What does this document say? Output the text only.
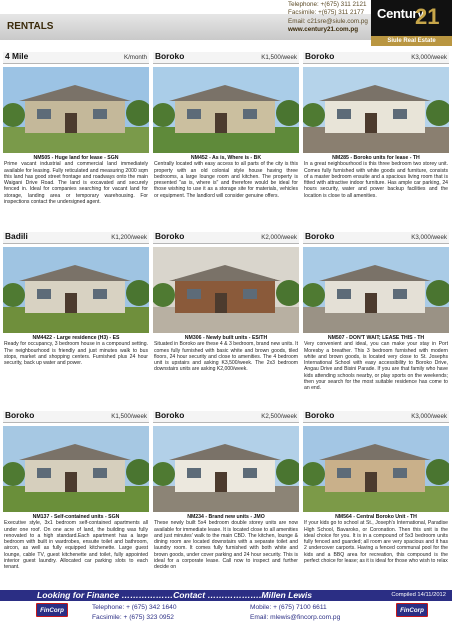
RENTALS
Telephone: +(675) 311 2121
Facsimile: +(675) 311 2177
Email: c21sre@siule.com.pg
www.century21.com.pg
Century
21
Siule Real Estate
4 Mile	K/month
NM505 - Huge land for lease - SGN
Prime vacant industrial and commercial land immediately available for leasing. Fully reticulated and measuring 2000 sqm this land has good street frontage and roadways onto the main Waigani Drive Road. The land is excavated and securely fenced in. Ideal for companies searching for vacant land for storage, landing area or temporary warehousing. For inspections contact the undersigned agent.
Boroko	K1,500/week
NM452 - As is, Where is - BK
Centrally located with easy access to all parts of the city is this property with an old colonial style house having three bedrooms, a large lounge room and kitchen. The property is presented "as is, where is" and therefore would be ideal for those wishing to use it as a storage site for materials, vehicles or equipment. The landlord will consider genuine offers.
Boroko	K3,000/week
NM285 - Boroko units for lease - TH
In a great neighbourhood is this three bedroom two storey unit. Comes fully furnished with white goods and furniture, consists of a master bedroom ensuite and a spacious living room that is fitted with attractive indoor furniture. Has ample car parking, 24 hours security, water and power backup facilities and the location is close to all amenities.
Badili	K1,200/week
NM4422 - Large residence (H3) - ES
Ready for occupancy, 3 bedroom house in a compound setting. The neighbourhood is friendly and just minutes walk to bus stops, market and shopping centers. Furnished plus 24 hour security, back up water and power.
Boroko	K2,000/week
NM306 - Newly built units - ES/TH
Situated in Boroko are these 4 & 3 bedroom, brand new units. It comes fully furnished with basic white and brown goods, tiled floors, 24 hour security and close to amenities. The 4 bedroom unit is upstairs and asking K3,500/week. The 2x3 bedroom downstairs units are asking K2,000/week.
Boroko	K3,000/week
NM507 - DON'T WAIT; LEASE THIS - TH
Very convenient and ideal, you can make your stay in Port Moresby a breather. This 3 bedroom furnished with modern white and brown goods, is located very close to St. Josephs International School with easy accessibility to Boroko Drive, Angau Drive and Bisini Parade. If you are that family who have kids attending schools nearby, or play sports on the weekends; then your search for the most suitable residence has come to an end.
Boroko	K1,500/week
NM137 - Self-contained units - SGN
Executive style, 3x1 bedroom self-contained apartments all under one roof. On one acre of land, the building was fully renovated to a high standard.Each apartment has a large bedroom with built in wardrobes, ensuite toilet and bathroom, aircon, as well as fully equipped kitchenette. Large guest lounge, cable TV, guest kitchenette and toilet, fully appointed interior guest laundry. Allocated car parking slots to each tenant.
Boroko	K2,500/week
NM234 - Brand new units - JMO
These newly built 5x4 bedroom double storey units are now available for immediate lease. It is located close to all amenities and just minutes' walk to the main CBD. The kitchen, lounge & dining room are located downstairs with a separate toilet and laundry room. It comes fully furnished with both white and brown goods, under cover parking and 24 hour security. This is ideal for a corporate lease. Call now to inspect and further decide on
Boroko	K3,000/week
NM564 - Central Boroko Unit - TH
If your kids go to school at St., Joseph's International, Paradise High School, Bavaroko, or Coronation. Then this unit is the ideal choice for you. It is in a compound of 5x3 bedroom units fully fenced and guarded; all room are very spacious and it has 2 undercover carports. Having a fenced communal pool for the kids and a BBQ area for recreation, this compound is the perfect choice for lease; as it is ideal for those who wish to relax
Looking for Finance ………………Contact ……………….Millen Lewis	Compiled 14/11/2012
FinCorp	FinCorp
Telephone: + (675) 342 1640
Facsimile: + (675) 323 0952
Mobile: + (675) 7100 6611
Email: mlewis@fincorp.com.pg
